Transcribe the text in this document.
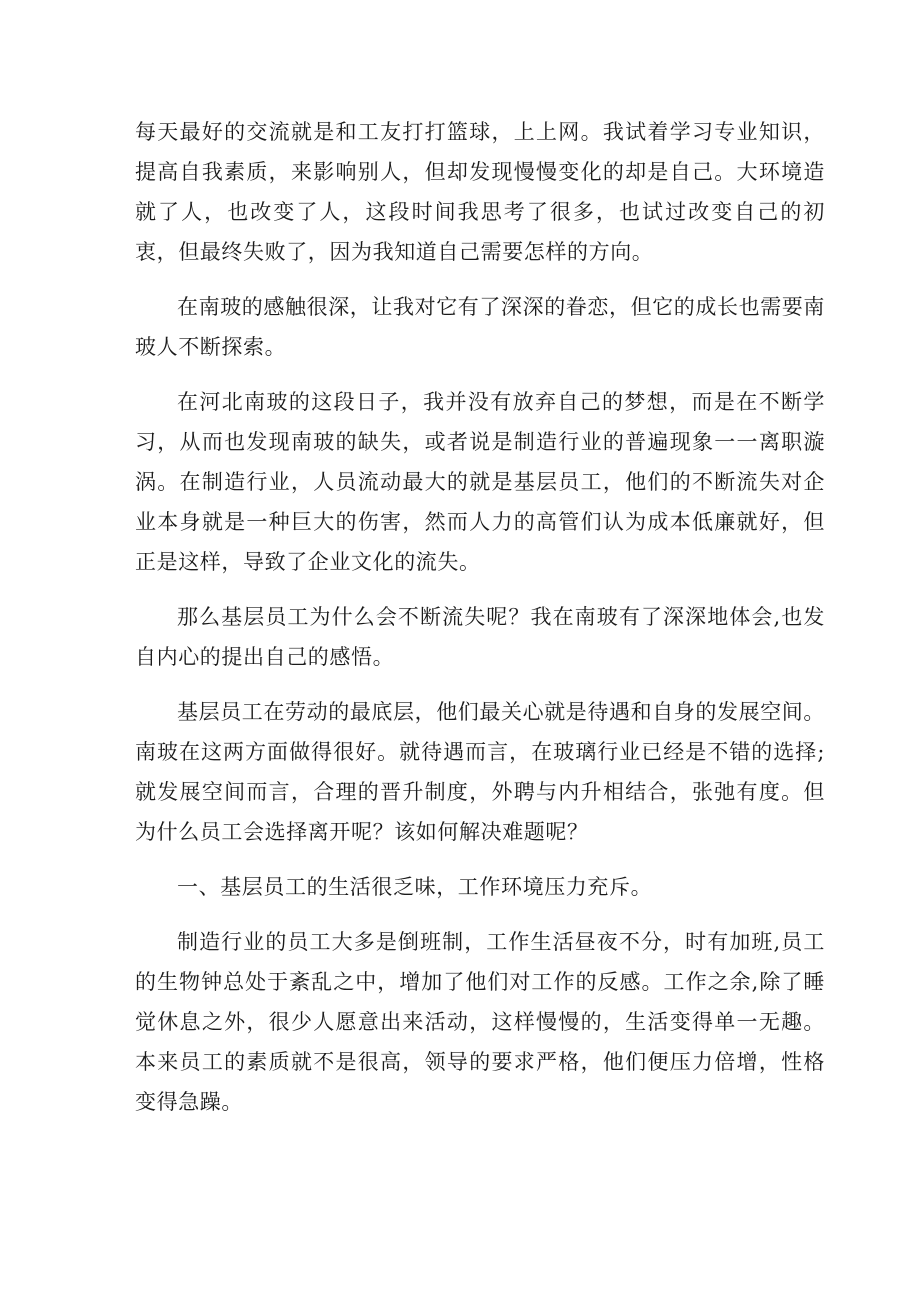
每天最好的交流就是和工友打打篮球，上上网。我试着学习专业知识，提高自我素质，来影响别人，但却发现慢慢变化的却是自己。大环境造就了人，也改变了人，这段时间我思考了很多，也试过改变自己的初衷，但最终失败了，因为我知道自己需要怎样的方向。

在南玻的感触很深，让我对它有了深深的眷恋，但它的成长也需要南玻人不断探索。

在河北南玻的这段日子，我并没有放弃自己的梦想，而是在不断学习，从而也发现南玻的缺失，或者说是制造行业的普遍现象一一离职漩涡。在制造行业，人员流动最大的就是基层员工，他们的不断流失对企业本身就是一种巨大的伤害，然而人力的高管们认为成本低廉就好，但正是这样，导致了企业文化的流失。

那么基层员工为什么会不断流失呢？我在南玻有了深深地体会,也发自内心的提出自己的感悟。

基层员工在劳动的最底层，他们最关心就是待遇和自身的发展空间。南玻在这两方面做得很好。就待遇而言，在玻璃行业已经是不错的选择;就发展空间而言，合理的晋升制度，外聘与内升相结合，张弛有度。但为什么员工会选择离开呢？该如何解决难题呢？

一、基层员工的生活很乏味，工作环境压力充斥。

制造行业的员工大多是倒班制，工作生活昼夜不分，时有加班,员工的生物钟总处于紊乱之中，增加了他们对工作的反感。工作之余,除了睡觉休息之外，很少人愿意出来活动，这样慢慢的，生活变得单一无趣。本来员工的素质就不是很高，领导的要求严格，他们便压力倍增，性格变得急躁。
